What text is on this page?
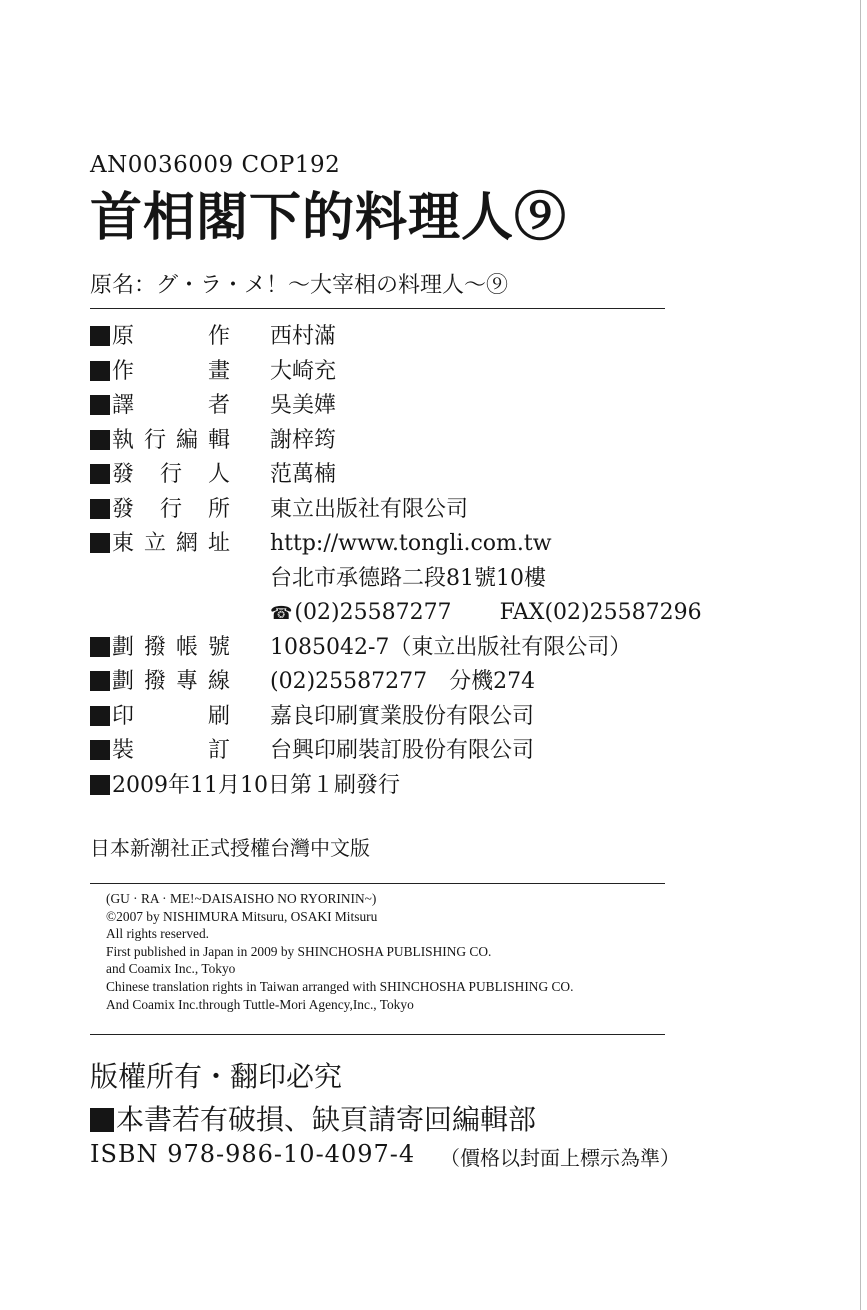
AN0036009 COP192
首相閣下的料理人⑨
原名：グ・ラ・メ！～大宰相の料理人～⑨
原　作 西村滿
作　畫 大崎充
譯　者 吳美嬅
執行編輯 謝梓筠
發行人 范萬楠
發行所 東立出版社有限公司
東立網址 http://www.tongli.com.tw
台北市承德路二段81號10樓
☎(02)25587277 FAX(02)25587296
劃撥帳號 1085042-7（東立出版社有限公司）
劃撥專線 (02)25587277　分機274
印　刷 嘉良印刷實業股份有限公司
裝　訂 台興印刷裝訂股份有限公司
2009年11月10日第１刷發行
日本新潮社正式授權台灣中文版
(GU · RA · ME!~DAISAISHO NO RYORININ~)
©2007 by NISHIMURA Mitsuru, OSAKI Mitsuru
All rights reserved.
First published in Japan in 2009 by SHINCHOSHA PUBLISHING CO.
and Coamix Inc., Tokyo
Chinese translation rights in Taiwan arranged with SHINCHOSHA PUBLISHING CO.
And Coamix Inc.through Tuttle-Mori Agency,Inc., Tokyo
版權所有・翻印必究
本書若有破損、缺頁請寄回編輯部
ISBN 978-986-10-4097-4 （價格以封面上標示為準）
